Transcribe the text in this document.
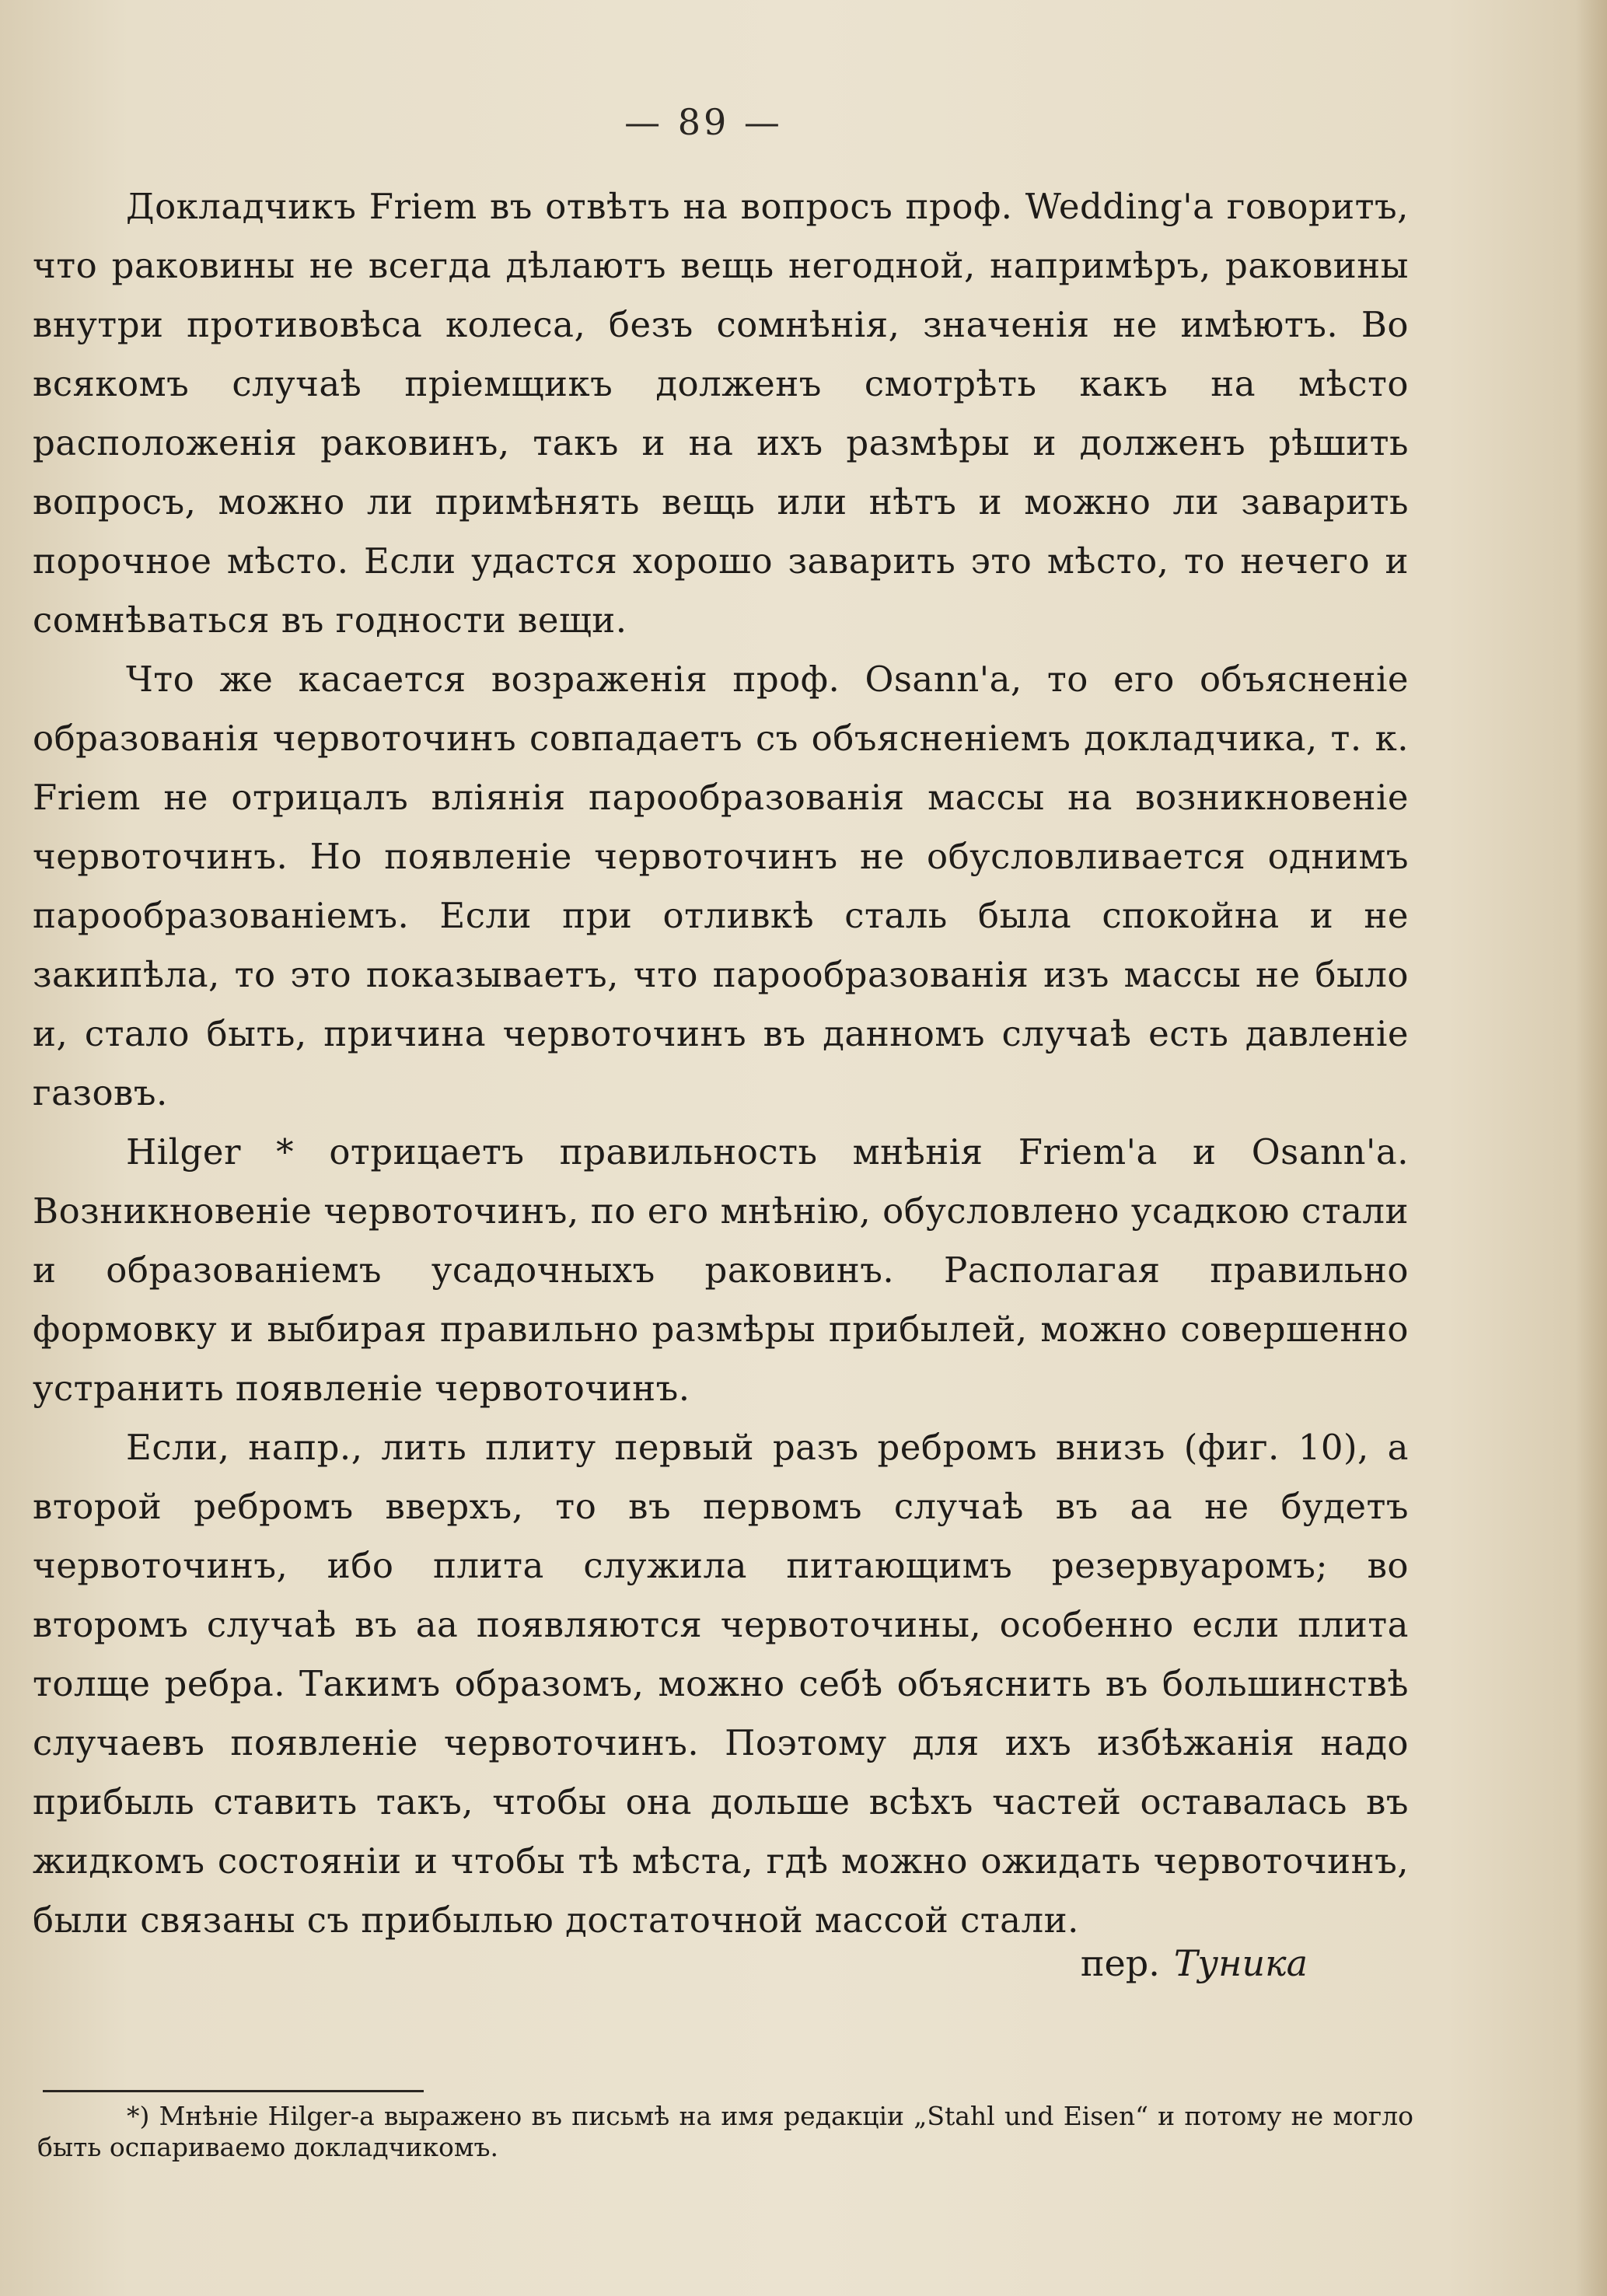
— 89 —

Докладчикъ Friem въ отвѣтъ на вопросъ проф. Wedding'а говоритъ, что раковины не всегда дѣлаютъ вещь негодной, напримѣръ, раковины внутри противовѣса колеса, безъ сомнѣнія, значенія не имѣютъ. Во всякомъ случаѣ пріемщикъ долженъ смотрѣть какъ на мѣсто расположенія раковинъ, такъ и на ихъ размѣры и долженъ рѣшить вопросъ, можно ли примѣнять вещь или нѣтъ и можно ли заварить порочное мѣсто. Если удастся хорошо заварить это мѣсто, то нечего и сомнѣваться въ годности вещи.

Что же касается возраженія проф. Osann'а, то его объясненіе образованія червоточинъ совпадаетъ съ объясненіемъ докладчика, т. к. Friem не отрицалъ вліянія парообразованія массы на возникновеніе червоточинъ. Но появленіе червоточинъ не обусловливается однимъ парообразованіемъ. Если при отливкѣ сталь была спокойна и не закипѣла, то это показываетъ, что парообразованія изъ массы не было и, стало быть, причина червоточинъ въ данномъ случаѣ есть давленіе газовъ.

Hilger * отрицаетъ правильность мнѣнія Friem'а и Osann'а. Возникновеніе червоточинъ, по его мнѣнію, обусловлено усадкою стали и образованіемъ усадочныхъ раковинъ. Располагая правильно формовку и выбирая правильно размѣры прибылей, можно совершенно устранить появленіе червоточинъ.

Если, напр., лить плиту первый разъ ребромъ внизъ (фиг. 10), а второй ребромъ вверхъ, то въ первомъ случаѣ въ аа не будетъ червоточинъ, ибо плита служила питающимъ резервуаромъ; во второмъ случаѣ въ аа появляются червоточины, особенно если плита толще ребра. Такимъ образомъ, можно себѣ объяснить въ большинствѣ случаевъ появленіе червоточинъ. Поэтому для ихъ избѣжанія надо прибыль ставить такъ, чтобы она дольше всѣхъ частей оставалась въ жидкомъ состояніи и чтобы тѣ мѣста, гдѣ можно ожидать червоточинъ, были связаны съ прибылью достаточной массой стали.

пер. Туника
*) Мнѣніе Hilger-а выражено въ письмѣ на имя редакціи „Stahl und Eisen“ и потому не могло быть оспариваемо докладчикомъ.
